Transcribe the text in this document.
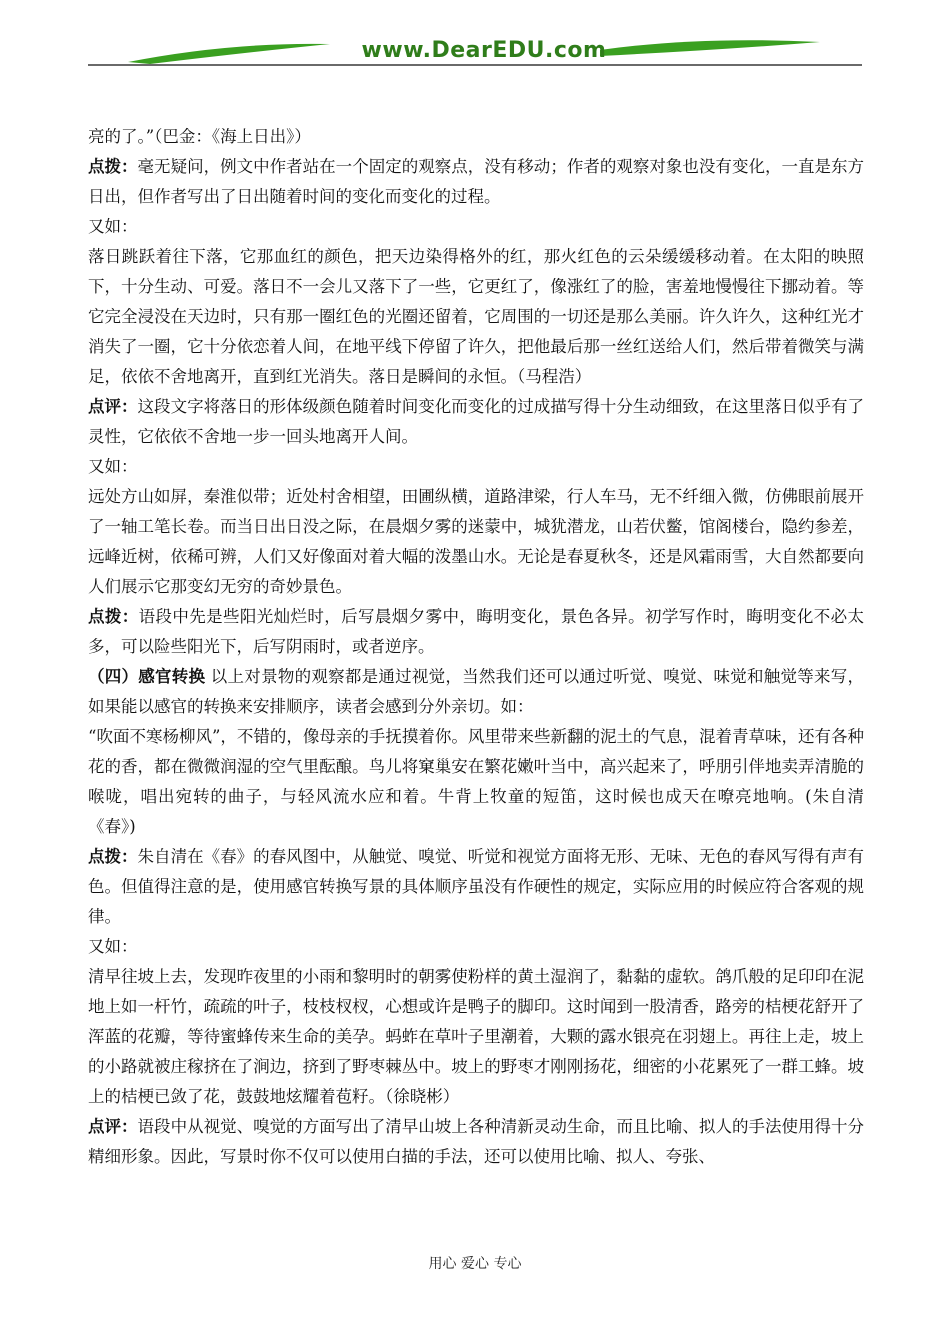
www.DearEDU.com

亮的了。”（巴金：《海上日出》）

点拨：毫无疑问，例文中作者站在一个固定的观察点，没有移动；作者的观察对象也没有变化，一直是东方日出，但作者写出了日出随着时间的变化而变化的过程。

又如：

落日跳跃着往下落，它那血红的颜色，把天边染得格外的红，那火红色的云朵缓缓移动着。在太阳的映照下，十分生动、可爱。落日不一会儿又落下了一些，它更红了，像涨红了的脸，害羞地慢慢往下挪动着。等它完全浸没在天边时，只有那一圈红色的光圈还留着，它周围的一切还是那么美丽。许久许久，这种红光才消失了一圈，它十分依恋着人间，在地平线下停留了许久，把他最后那一丝红送给人们，然后带着微笑与满足，依依不舍地离开，直到红光消失。落日是瞬间的永恒。（马程浩）

点评：这段文字将落日的形体级颜色随着时间变化而变化的过成描写得十分生动细致，在这里落日似乎有了灵性，它依依不舍地一步一回头地离开人间。

又如：

远处方山如屏，秦淮似带；近处村舍相望，田圃纵横，道路津梁，行人车马，无不纤细入微，仿佛眼前展开了一轴工笔长卷。而当日出日没之际，在晨烟夕雾的迷蒙中，城犹潜龙，山若伏鳖，馆阁楼台，隐约参差，远峰近树，依稀可辨，人们又好像面对着大幅的泼墨山水。无论是春夏秋冬，还是风霜雨雪，大自然都要向人们展示它那变幻无穷的奇妙景色。

点拨：语段中先是些阳光灿烂时，后写晨烟夕雾中，晦明变化，景色各异。初学写作时，晦明变化不必太多，可以险些阳光下，后写阴雨时，或者逆序。

（四）感官转换 以上对景物的观察都是通过视觉，当然我们还可以通过听觉、嗅觉、味觉和触觉等来写，如果能以感官的转换来安排顺序，读者会感到分外亲切。如：

“吹面不寒杨柳风”，不错的，像母亲的手抚摸着你。风里带来些新翻的泥土的气息，混着青草味，还有各种花的香，都在微微润湿的空气里酝酿。鸟儿将窠巢安在繁花嫩叶当中，高兴起来了，呼朋引伴地卖弄清脆的喉咙，唱出宛转的曲子，与轻风流水应和着。牛背上牧童的短笛，这时候也成天在嘹亮地响。(朱自清《春》)

点拨：朱自清在《春》的春风图中，从触觉、嗅觉、听觉和视觉方面将无形、无味、无色的春风写得有声有色。但值得注意的是，使用感官转换写景的具体顺序虽没有作硬性的规定，实际应用的时候应符合客观的规律。

又如：

清早往坡上去，发现昨夜里的小雨和黎明时的朝雾使粉样的黄土湿润了，黏黏的虚软。鸽爪般的足印印在泥地上如一杆竹，疏疏的叶子，枝枝杈杈，心想或许是鸭子的脚印。这时闻到一股清香，路旁的桔梗花舒开了浑蓝的花瓣，等待蜜蜂传来生命的美孕。蚂蚱在草叶子里潮着，大颗的露水银亮在羽翅上。再往上走，坡上的小路就被庄稼挤在了涧边，挤到了野枣棘丛中。坡上的野枣才刚刚扬花，细密的小花累死了一群工蜂。坡上的桔梗已敛了花，鼓鼓地炫耀着苞籽。（徐晓彬）

点评：语段中从视觉、嗅觉的方面写出了清早山坡上各种清新灵动生命，而且比喻、拟人的手法使用得十分精细形象。因此，写景时你不仅可以使用白描的手法，还可以使用比喻、拟人、夸张、

用心 爱心 专心
